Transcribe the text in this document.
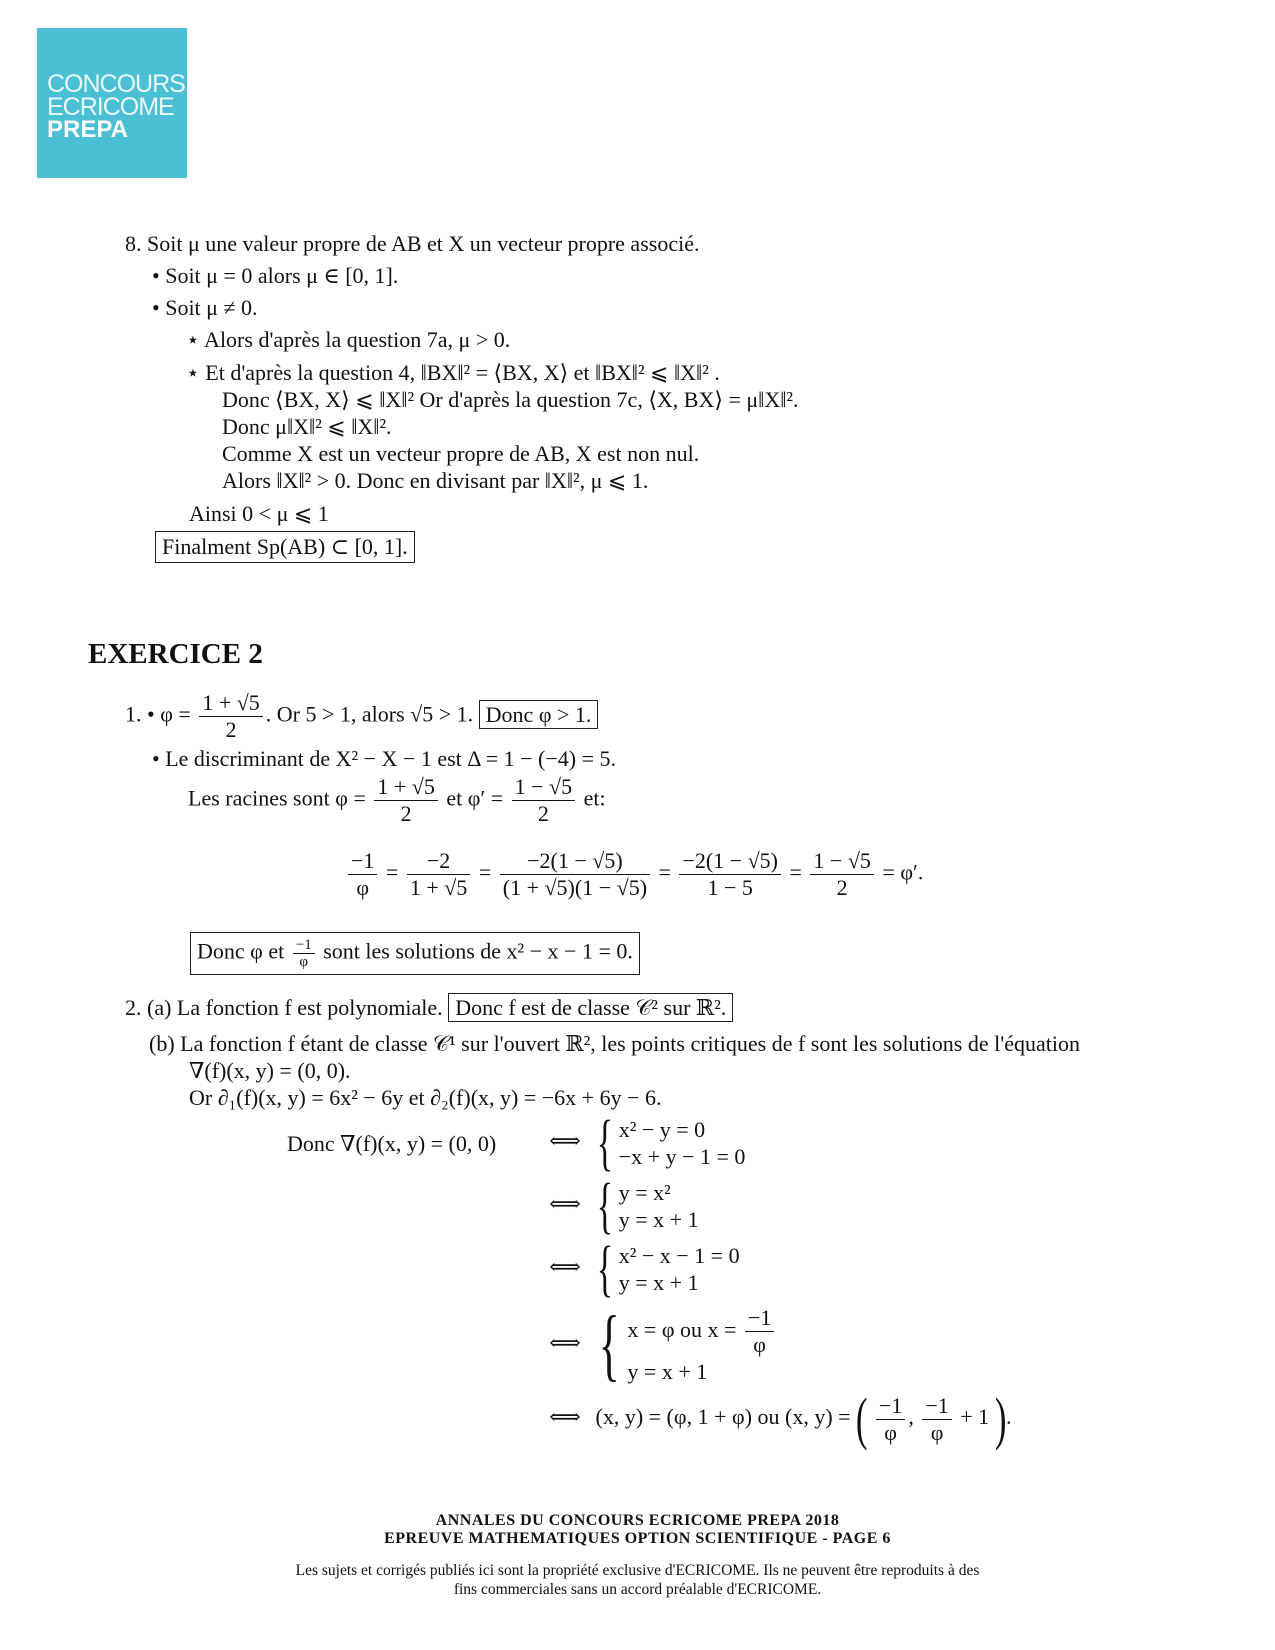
CONCOURS
ECRICOME
PREPA
8. Soit μ une valeur propre de AB et X un vecteur propre associé.
• Soit μ = 0 alors μ ∈ [0, 1].
• Soit μ ≠ 0.
⋆ Alors d'après la question 7a, μ > 0.
⋆ Et d'après la question 4, ‖BX‖² = ⟨BX, X⟩ et ‖BX‖² ⩽ ‖X‖² .
Donc ⟨BX, X⟩ ⩽ ‖X‖² Or d'après la question 7c, ⟨X, BX⟩ = μ‖X‖².
Donc μ‖X‖² ⩽ ‖X‖².
Comme X est un vecteur propre de AB, X est non nul.
Alors ‖X‖² > 0. Donc en divisant par ‖X‖², μ ⩽ 1.
Ainsi 0 < μ ⩽ 1
Finalment Sp(AB) ⊂ [0, 1].
EXERCICE 2
1. • $\varphi = \frac{1 + √5}{2}$ . Or 5 > 1, alors √5 > 1. Donc φ > 1.
• Le discriminant de X² − X − 1 est Δ = 1 − (−4) = 5.
Les racines sont $\varphi = \frac{1 + √5}{2}$ et $\varphi' = \frac{1 - √5}{2}$ et:
$\frac{-1}{\varphi} = \frac{-2}{1 + √5} = \frac{-2(1 - √5)}{(1 + √5)(1 - √5)} = \frac{-2(1 - √5)}{1 - 5} = \frac{1 - √5}{2} = \varphi'$.
Donc φ et $\frac{-1}{\varphi}$ sont les solutions de x² − x − 1 = 0.
2. (a) La fonction f est polynomiale. Donc f est de classe 𝒞² sur ℝ².
(b) La fonction f étant de classe 𝒞¹ sur l'ouvert ℝ², les points critiques de f sont les solutions de l'équation
∇(f)(x, y) = (0, 0).
Or ∂₁(f)(x, y) = 6x² − 6y et ∂₂(f)(x, y) = −6x + 6y − 6.
Donc ∇(f)(x, y) = (0, 0)	⟺ { x² − y = 0
−x + y − 1 = 0
⟺ { y = x²
y = x + 1
⟺ { x² − x − 1 = 0
y = x + 1
⟺ { x = φ ou $x = \frac{-1}{\varphi}$
y = x + 1
⟺ (x, y) = (φ, 1 + φ) ou (x, y) = ( $\frac{-1}{\varphi}$ , $\frac{-1}{\varphi} + 1$ ).
ANNALES DU CONCOURS ECRICOME PREPA 2018
EPREUVE MATHEMATIQUES OPTION SCIENTIFIQUE - PAGE 6
Les sujets et corrigés publiés ici sont la propriété exclusive d'ECRICOME. Ils ne peuvent être reproduits à des
fins commerciales sans un accord préalable d'ECRICOME.
